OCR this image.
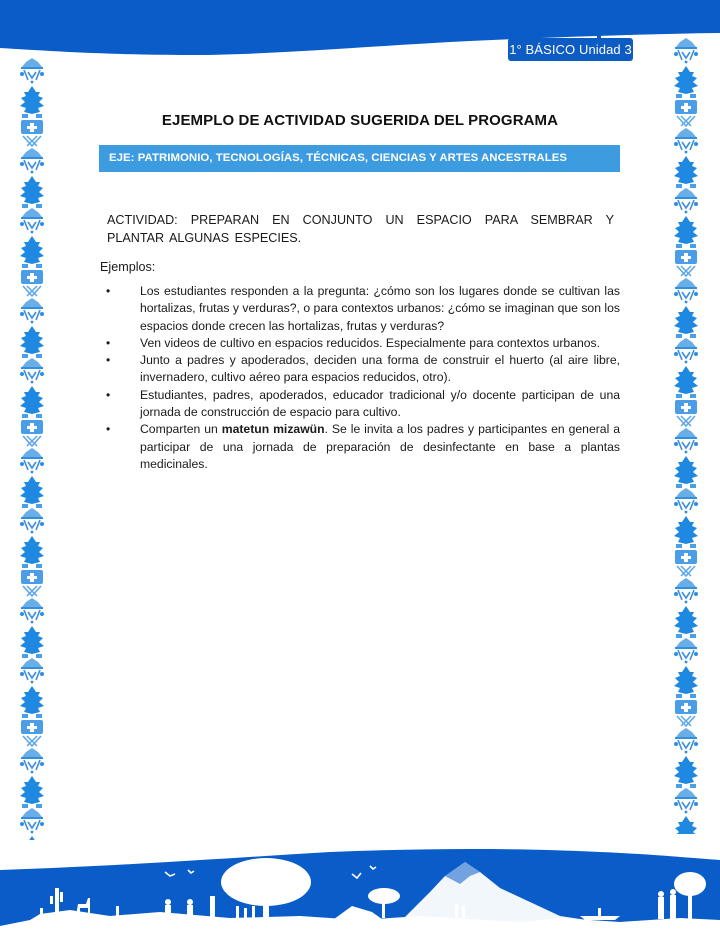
1° BÁSICO Unidad 3
EJEMPLO DE ACTIVIDAD SUGERIDA DEL PROGRAMA
EJE: PATRIMONIO, TECNOLOGÍAS, TÉCNICAS, CIENCIAS Y ARTES ANCESTRALES
ACTIVIDAD: PREPARAN EN CONJUNTO UN ESPACIO PARA SEMBRAR Y PLANTAR ALGUNAS ESPECIES.
Ejemplos:
• Los estudiantes responden a la pregunta: ¿cómo son los lugares donde se cultivan las hortalizas, frutas y verduras?, o para contextos urbanos: ¿cómo se imaginan que son los espacios donde crecen las hortalizas, frutas y verduras?
• Ven videos de cultivo en espacios reducidos. Especialmente para contextos urbanos.
• Junto a padres y apoderados, deciden una forma de construir el huerto (al aire libre, invernadero, cultivo aéreo para espacios reducidos, otro).
• Estudiantes, padres, apoderados, educador tradicional y/o docente participan de una jornada de construcción de espacio para cultivo.
• Comparten un matetun mizawün. Se le invita a los padres y participantes en general a participar de una jornada de preparación de desinfectante en base a plantas medicinales.
